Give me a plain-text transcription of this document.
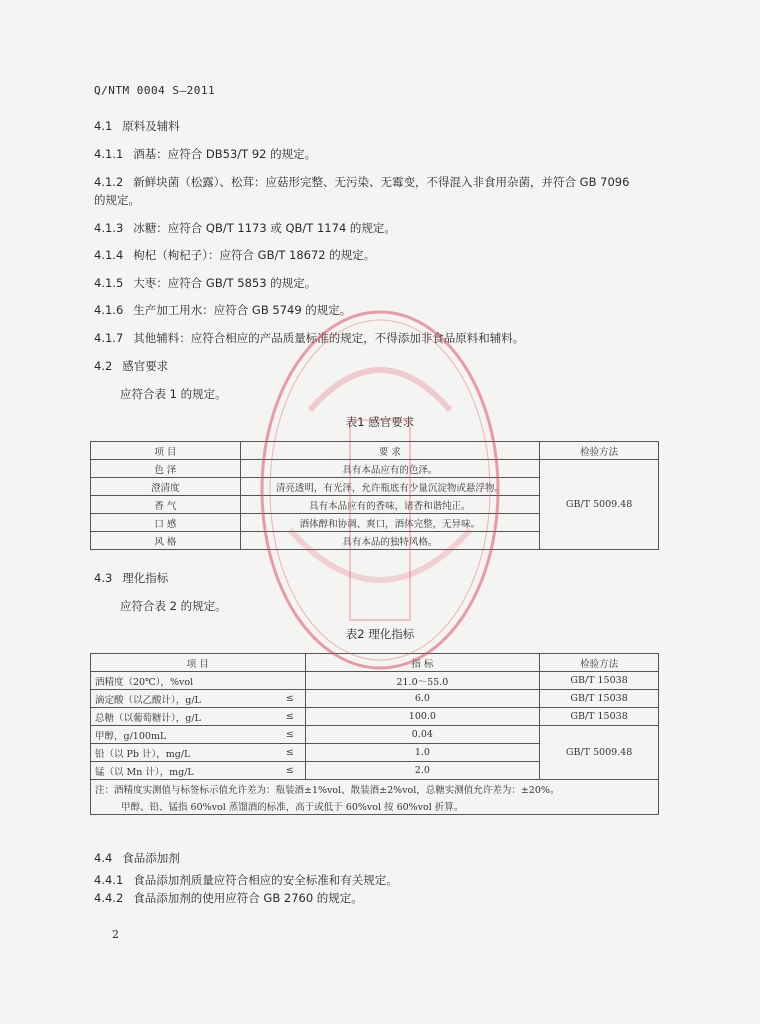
Q/NTM 0004 S—2011
4.1 原料及辅料
4.1.1 酒基：应符合 DB53/T 92 的规定。
4.1.2 新鲜块菌（松露）、松茸：应菇形完整、无污染、无霉变，不得混入非食用杂菌，并符合 GB 7096
的规定。
4.1.3 冰糖：应符合 QB/T 1173 或 QB/T 1174 的规定。
4.1.4 枸杞（枸杞子）：应符合 GB/T 18672 的规定。
4.1.5 大枣：应符合 GB/T 5853 的规定。
4.1.6 生产加工用水：应符合 GB 5749 的规定。
4.1.7 其他辅料：应符合相应的产品质量标准的规定，不得添加非食品原料和辅料。
4.2 感官要求
应符合表 1 的规定。
表1 感官要求
项 目	要 求	检验方法
色 泽	具有本品应有的色泽。	GB/T 5009.48
澄清度	清亮透明，有光泽，允许瓶底有少量沉淀物或悬浮物。	
香 气	具有本品应有的香味，诸香和谐纯正。	
口 感	酒体醇和协调、爽口，酒体完整，无异味。	
风 格	具有本品的独特风格。	
4.3 理化指标
应符合表 2 的规定。
表2 理化指标
项 目		指 标	检验方法
酒精度（20℃），%vol		21.0～55.0	GB/T 15038
滴定酸（以乙酸计），g/L	≤	6.0	GB/T 15038
总糖（以葡萄糖计），g/L	≤	100.0	GB/T 15038
甲醇，g/100mL	≤	0.04	GB/T 5009.48
铅（以 Pb 计），mg/L	≤	1.0	
锰（以 Mn 计），mg/L	≤	2.0	
注：酒精度实测值与标签标示值允许差为：瓶装酒±1%vol、散装酒±2%vol，总糖实测值允许差为：±20%。			
甲醇、铅、锰指 60%vol 蒸馏酒的标准，高于或低于 60%vol 按 60%vol 折算。			
4.4 食品添加剂
4.4.1 食品添加剂质量应符合相应的安全标准和有关规定。
4.4.2 食品添加剂的使用应符合 GB 2760 的规定。
2
